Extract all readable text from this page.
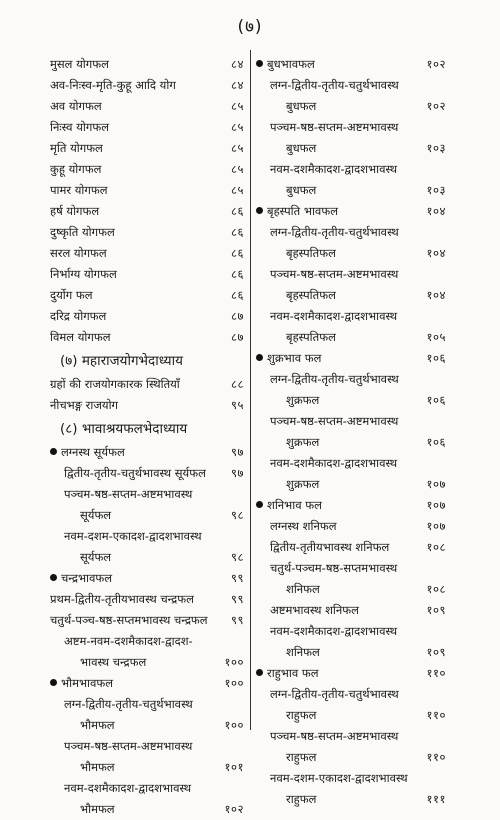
(७)
मुसल योगफल	८४
अव-निःस्व-मृति-कुहू आदि योग	८४
अव योगफल	८५
निःस्व योगफल	८५
मृति योगफल	८५
कुहू योगफल	८५
पामर योगफल	८५
हर्ष योगफल	८६
दुष्कृति योगफल	८६
सरल योगफल	८६
निर्भाग्य योगफल	८६
दुर्योग फल	८६
दरिद्र योगफल	८७
विमल योगफल	८७
(७) महाराजयोगभेदाध्याय
ग्रहों की राजयोगकारक स्थितियाँ	८८
नीचभङ्ग राजयोग	९५
(८) भावाश्रयफलभेदाध्याय
लग्नस्थ सूर्यफल	९७
द्वितीय-तृतीय-चतुर्थभावस्थ सूर्यफल ९७
पञ्चम-षष्ठ-सप्तम-अष्टमभावस्थ
सूर्यफल	९८
नवम-दशम-एकादश-द्वादशभावस्थ
सूर्यफल	९८
चन्द्रभावफल	९९
प्रथम-द्वितीय-तृतीयभावस्थ चन्द्रफल	९९
चतुर्थ-पञ्च-षष्ठ-सप्तमभावस्थ चन्द्रफल ९९
अष्टम-नवम-दशमैकादश-द्वादश-
भावस्थ चन्द्रफल	१००
भौमभावफल	१००
लग्न-द्वितीय-तृतीय-चतुर्थभावस्थ
भौमफल	१००
पञ्चम-षष्ठ-सप्तम-अष्टमभावस्थ
भौमफल	१०१
नवम-दशमैकादश-द्वादशभावस्थ
भौमफल	१०२
बुधभावफल	१०२
लग्न-द्वितीय-तृतीय-चतुर्थभावस्थ
बुधफल	१०२
पञ्चम-षष्ठ-सप्तम-अष्टमभावस्थ
बुधफल	१०३
नवम-दशमैकादश-द्वादशभावस्थ
बुधफल	१०३
बृहस्पति भावफल	१०४
लग्न-द्वितीय-तृतीय-चतुर्थभावस्थ
बृहस्पतिफल	१०४
पञ्चम-षष्ठ-सप्तम-अष्टमभावस्थ
बृहस्पतिफल	१०४
नवम-दशमैकादश-द्वादशभावस्थ
बृहस्पतिफल	१०५
शुक्रभाव फल	१०६
लग्न-द्वितीय-तृतीय-चतुर्थभावस्थ
शुक्रफल	१०६
पञ्चम-षष्ठ-सप्तम-अष्टमभावस्थ
शुक्रफल	१०६
नवम-दशमैकादश-द्वादशभावस्थ
शुक्रफल	१०७
शनिभाव फल	१०७
लग्नस्थ शनिफल	१०७
द्वितीय-तृतीयभावस्थ शनिफल	१०८
चतुर्थ-पञ्चम-षष्ठ-सप्तमभावस्थ
शनिफल	१०८
अष्टमभावस्थ शनिफल	१०९
नवम-दशमैकादश-द्वादशभावस्थ
शनिफल	१०९
राहुभाव फल	११०
लग्न-द्वितीय-तृतीय-चतुर्थभावस्थ
राहुफल	११०
पञ्चम-षष्ठ-सप्तम-अष्टमभावस्थ
राहुफल	११०
नवम-दशम-एकादश-द्वादशभावस्थ
राहुफल	१११
